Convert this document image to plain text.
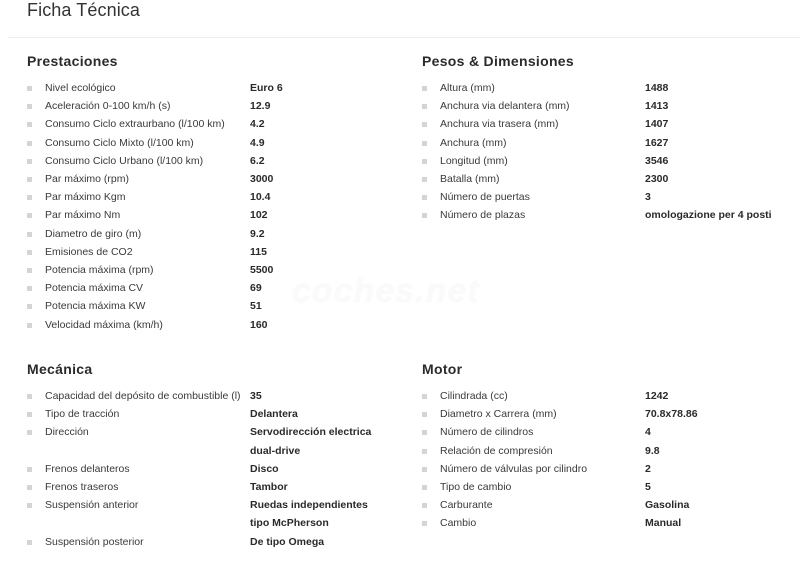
Ficha Técnica
coches.net
Prestaciones
Nivel ecológico	Euro 6
Aceleración 0-100 km/h (s)	12.9
Consumo Ciclo extraurbano (l/100 km)	4.2
Consumo Ciclo Mixto (l/100 km)	4.9
Consumo Ciclo Urbano (l/100 km)	6.2
Par máximo (rpm)	3000
Par máximo Kgm	10.4
Par máximo Nm	102
Diametro de giro (m)	9.2
Emisiones de CO2	115
Potencia máxima (rpm)	5500
Potencia máxima CV	69
Potencia máxima KW	51
Velocidad máxima (km/h)	160
Pesos & Dimensiones
Altura (mm)	1488
Anchura via delantera (mm)	1413
Anchura via trasera (mm)	1407
Anchura (mm)	1627
Longitud (mm)	3546
Batalla (mm)	2300
Número de puertas	3
Número de plazas	omologazione per 4 posti
Mecánica
Capacidad del depósito de combustible (l) 35
Tipo de tracción	Delantera
Dirección	Servodirección electrica dual-drive
Frenos delanteros	Disco
Frenos traseros	Tambor
Suspensión anterior	Ruedas independientes tipo McPherson
Suspensión posterior	De tipo Omega
Motor
Cilindrada (cc)	1242
Diametro x Carrera (mm)	70.8x78.86
Número de cilindros	4
Relación de compresión	9.8
Número de válvulas por cilindro	2
Tipo de cambio	5
Carburante	Gasolina
Cambio	Manual
